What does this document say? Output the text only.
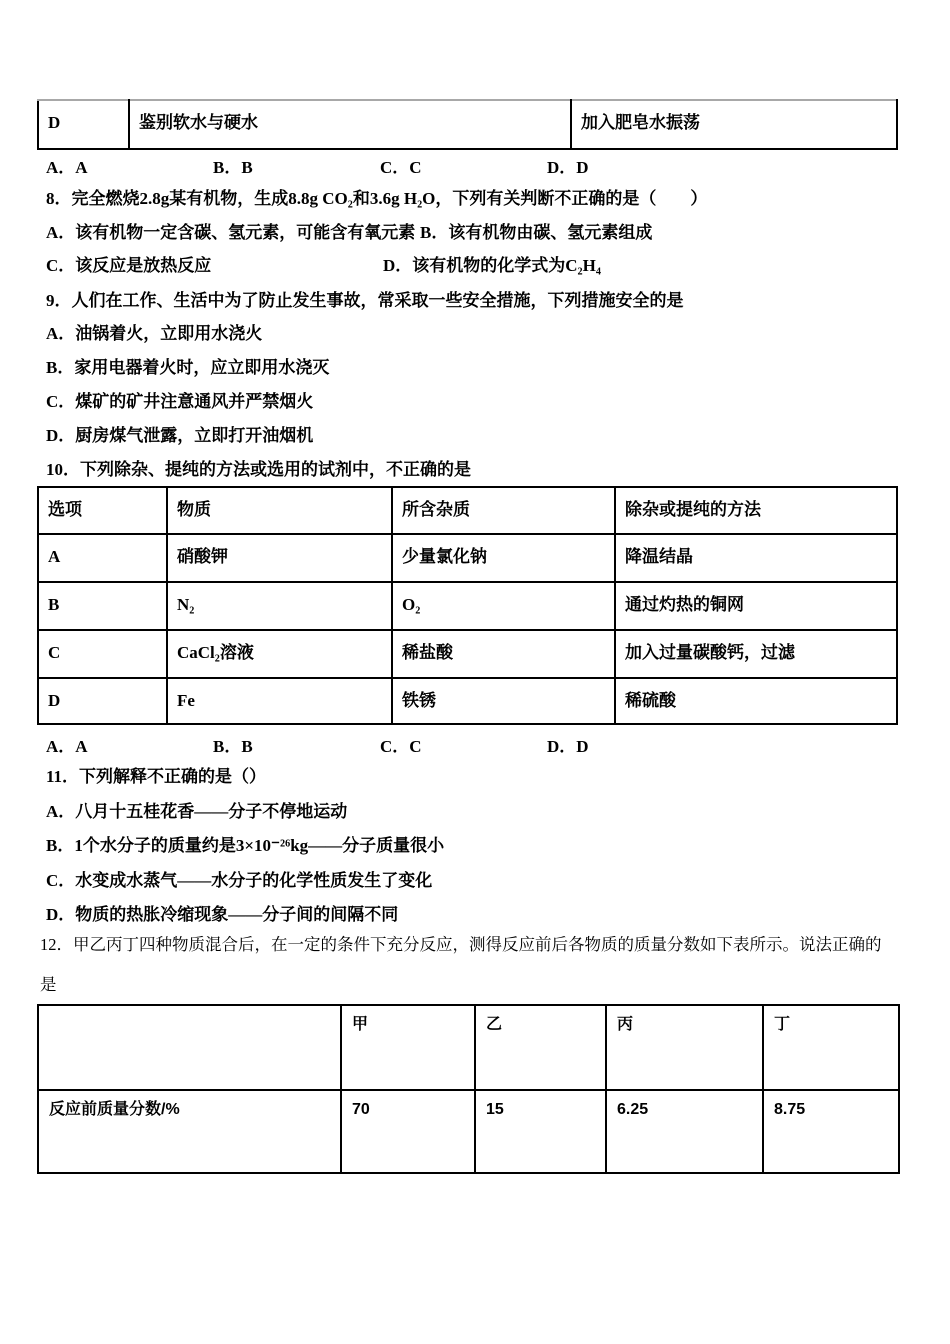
D	鉴别软水与硬水	加入肥皂水振荡
A．A	B．B	C．C	D．D
8．完全燃烧2.8g某有机物，生成8.8g CO₂和3.6g H₂O，下列有关判断不正确的是（　　）
A．该有机物一定含碳、氢元素，可能含有氧元素 B．该有机物由碳、氢元素组成
C．该反应是放热反应	D．该有机物的化学式为C₂H₄
9．人们在工作、生活中为了防止发生事故，常采取一些安全措施，下列措施安全的是
A．油锅着火，立即用水浇火
B．家用电器着火时，应立即用水浇灭
C．煤矿的矿井注意通风并严禁烟火
D．厨房煤气泄露，立即打开油烟机
10．下列除杂、提纯的方法或选用的试剂中，不正确的是
选项	物质	所含杂质	除杂或提纯的方法
A	硝酸钾	少量氯化钠	降温结晶
B	N₂	O₂	通过灼热的铜网
C	CaCl₂溶液	稀盐酸	加入过量碳酸钙，过滤
D	Fe	铁锈	稀硫酸
A．A	B．B	C．C	D．D
11．下列解释不正确的是（）
A．八月十五桂花香——分子不停地运动
B．1个水分子的质量约是3×10⁻²⁶kg——分子质量很小
C．水变成水蒸气——水分子的化学性质发生了变化
D．物质的热胀冷缩现象——分子间的间隔不同
12．甲乙丙丁四种物质混合后，在一定的条件下充分反应，测得反应前后各物质的质量分数如下表所示。说法正确的
是
	甲	乙	丙	丁
反应前质量分数/%	70	15	6.25	8.75
